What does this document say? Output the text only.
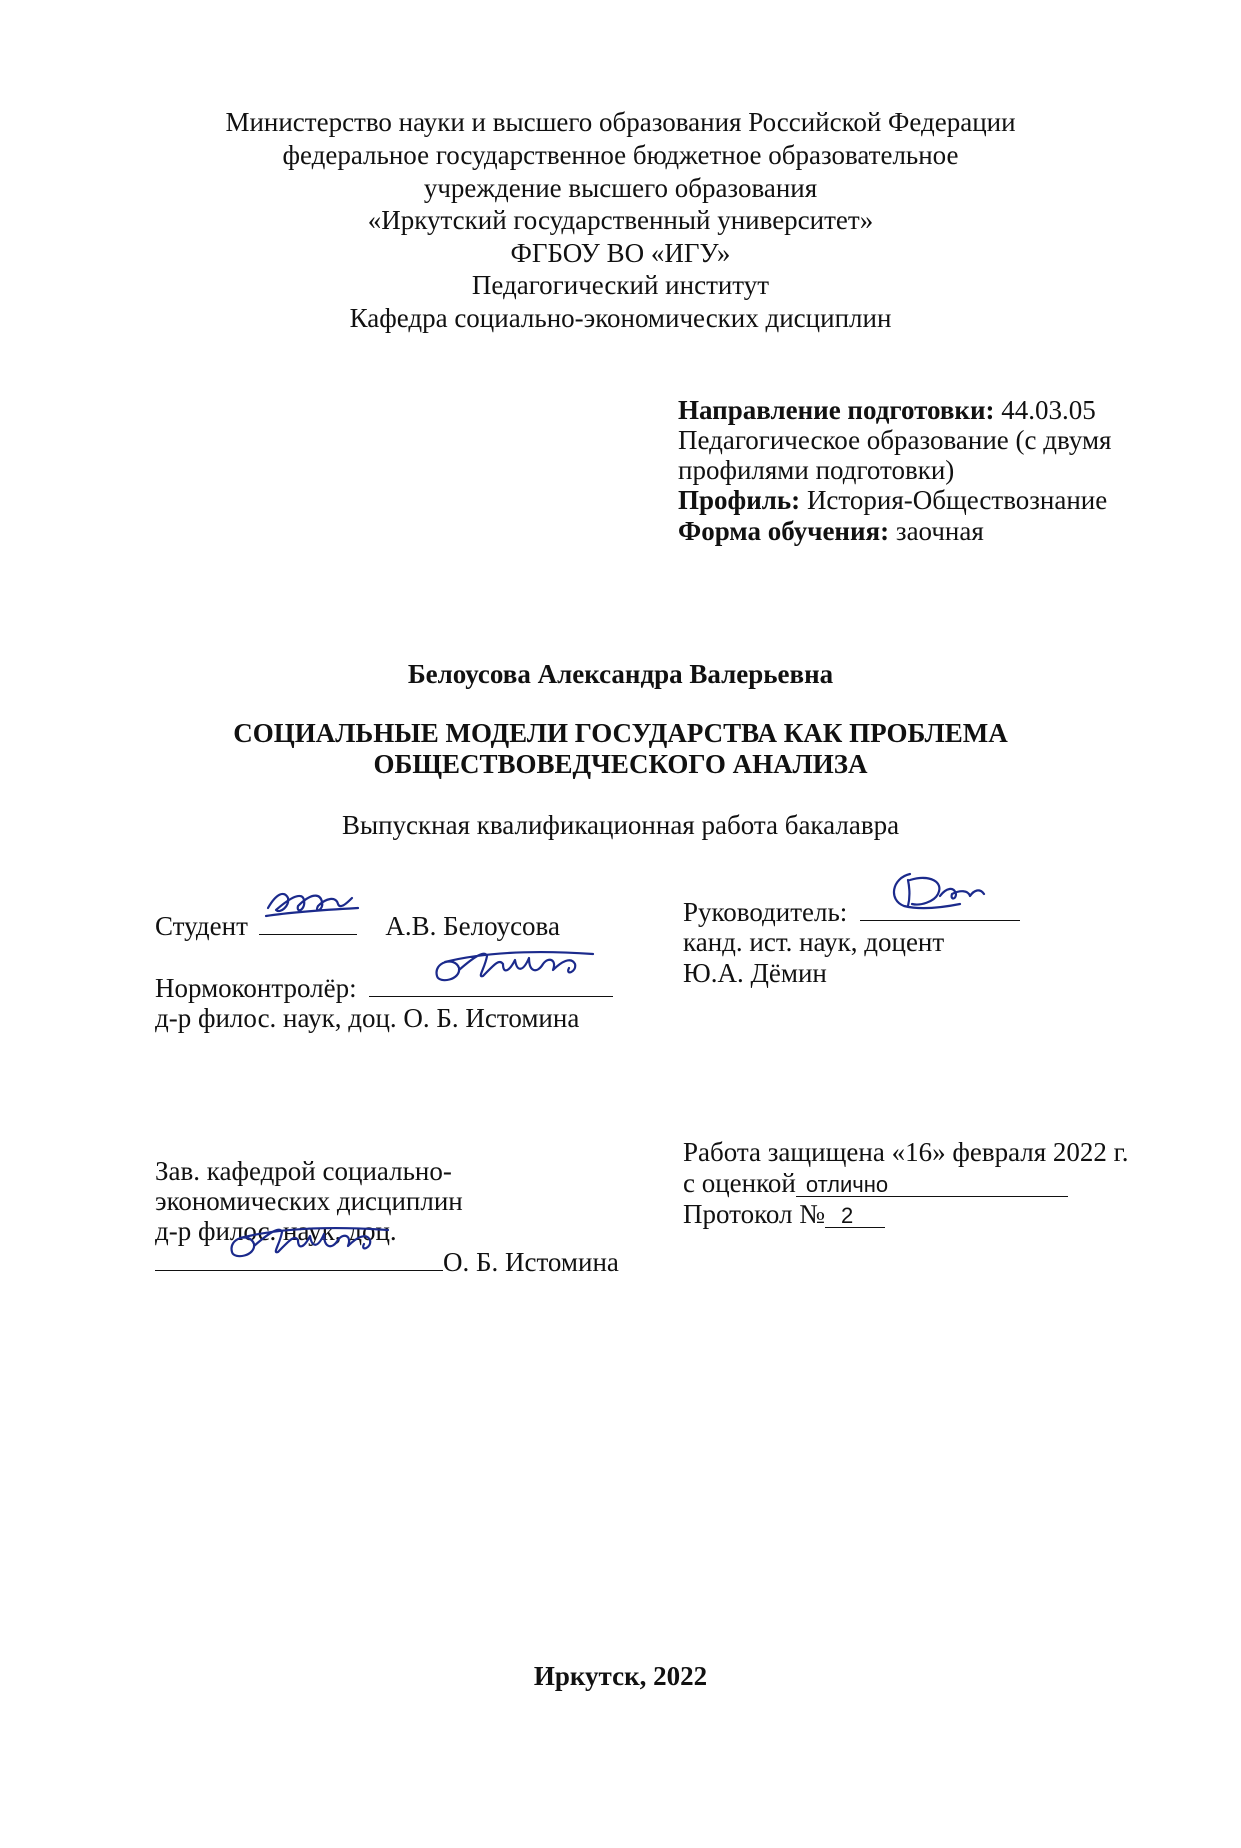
Министерство науки и высшего образования Российской Федерации
федеральное государственное бюджетное образовательное
учреждение высшего образования
«Иркутский государственный университет»
ФГБОУ ВО «ИГУ»
Педагогический институт
Кафедра социально-экономических дисциплин
Направление подготовки: 44.03.05
Педагогическое образование (с двумя
профилями подготовки)
Профиль: История-Обществознание
Форма обучения: заочная
Белоусова Александра Валерьевна
СОЦИАЛЬНЫЕ МОДЕЛИ ГОСУДАРСТВА КАК ПРОБЛЕМА
ОБЩЕСТВОВЕДЧЕСКОГО АНАЛИЗА
Выпускная квалификационная работа бакалавра
Студент	А.В. Белоусова
Нормоконтролёр:
д-р филос. наук, доц. О. Б. Истомина
Руководитель:
канд. ист. наук, доцент
Ю.А. Дёмин
Зав. кафедрой социально-
экономических дисциплин
д-р филос. наук, доц.
О. Б. Истомина
Работа защищена «16» февраля 2022 г.
с оценкой отлично
Протокол № 2
Иркутск, 2022
